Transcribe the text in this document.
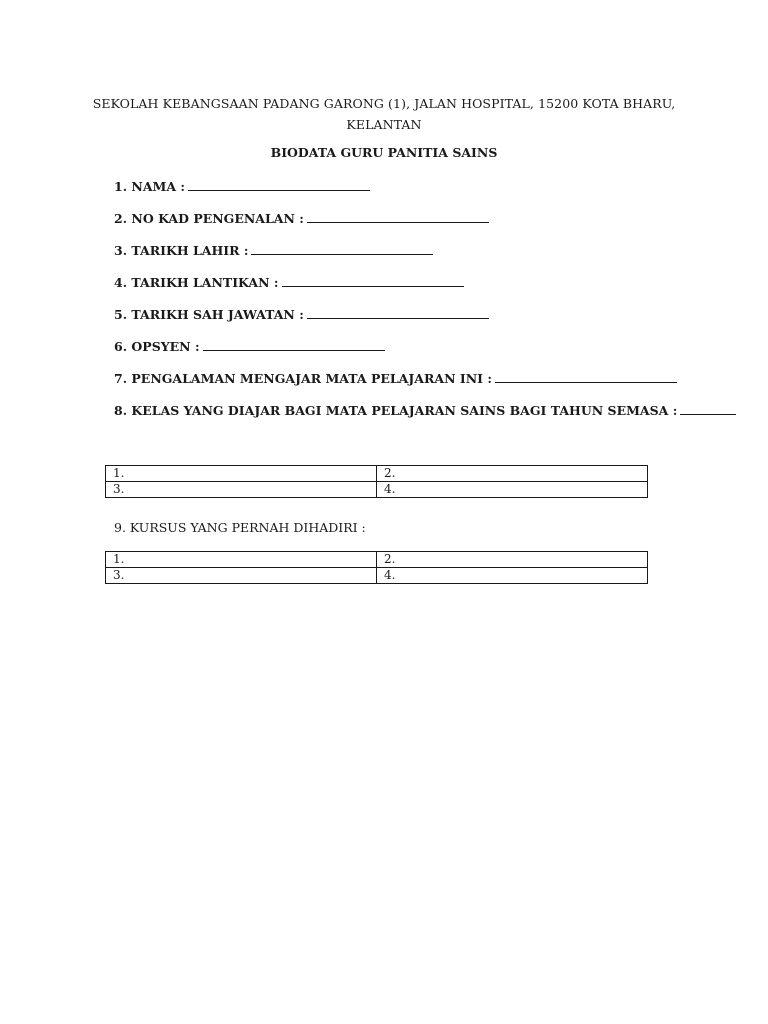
SEKOLAH KEBANGSAAN PADANG GARONG (1), JALAN HOSPITAL, 15200 KOTA BHARU,
KELANTAN
BIODATA GURU PANITIA SAINS
1. NAMA :
2. NO KAD PENGENALAN :
3. TARIKH LAHIR :
4. TARIKH LANTIKAN :
5. TARIKH SAH JAWATAN :
6. OPSYEN :
7. PENGALAMAN MENGAJAR MATA PELAJARAN INI :
8. KELAS YANG DIAJAR BAGI MATA PELAJARAN SAINS BAGI TAHUN SEMASA :
1.	2.
3.	4.
9. KURSUS YANG PERNAH DIHADIRI :
1.	2.
3.	4.
